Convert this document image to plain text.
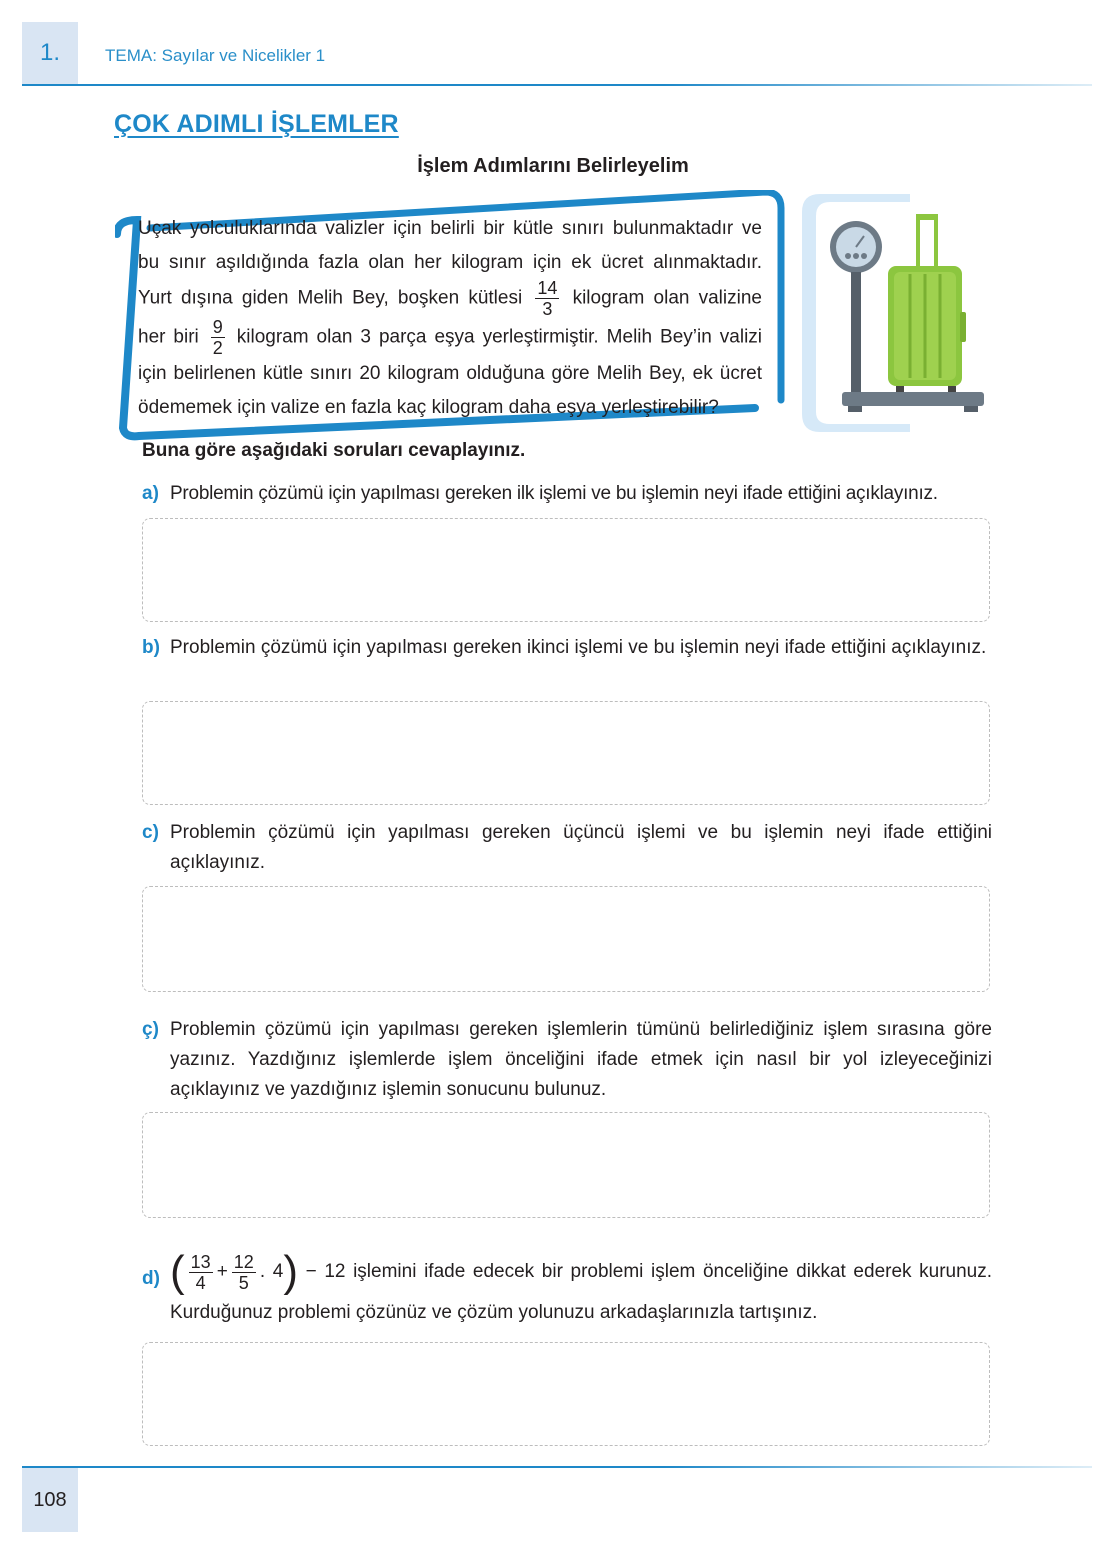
1.	TEMA: Sayılar ve Nicelikler 1
ÇOK ADIMLI İŞLEMLER
İşlem Adımlarını Belirleyelim
Uçak yolculuklarında valizler için belirli bir kütle sınırı bulunmaktadır ve
bu sınır aşıldığında fazla olan her kilogram için ek ücret alınmaktadır.
Yurt dışına giden Melih Bey, boşken kütlesi $\frac{14}{3}$ kilogram olan valizine
her biri $\frac{9}{2}$ kilogram olan 3 parça eşya yerleştirmiştir. Melih Bey’in valizi
için belirlenen kütle sınırı 20 kilogram olduğuna göre Melih Bey, ek ücret
ödememek için valize en fazla kaç kilogram daha eşya yerleştirebilir?
Buna göre aşağıdaki soruları cevaplayınız.
a) Problemin çözümü için yapılması gereken ilk işlemi ve bu işlemin neyi ifade ettiğini açıklayınız.
b) Problemin çözümü için yapılması gereken ikinci işlemi ve bu işlemin neyi ifade ettiğini açıklayınız.
c) Problemin çözümü için yapılması gereken üçüncü işlemi ve bu işlemin neyi ifade ettiğini açıklayınız.
ç) Problemin çözümü için yapılması gereken işlemlerin tümünü belirlediğiniz işlem sırasına göre yazınız. Yazdığınız işlemlerde işlem önceliğini ifade etmek için nasıl bir yol izleyeceğinizi açıklayınız ve yazdığınız işlemin sonucunu bulunuz.
d) ( $\frac{13}{4} + \frac{12}{5}$ . 4) − 12 işlemini ifade edecek bir problemi işlem önceliğine dikkat ederek kurunuz. Kurduğunuz problemi çözünüz ve çözüm yolunuzu arkadaşlarınızla tartışınız.
108
